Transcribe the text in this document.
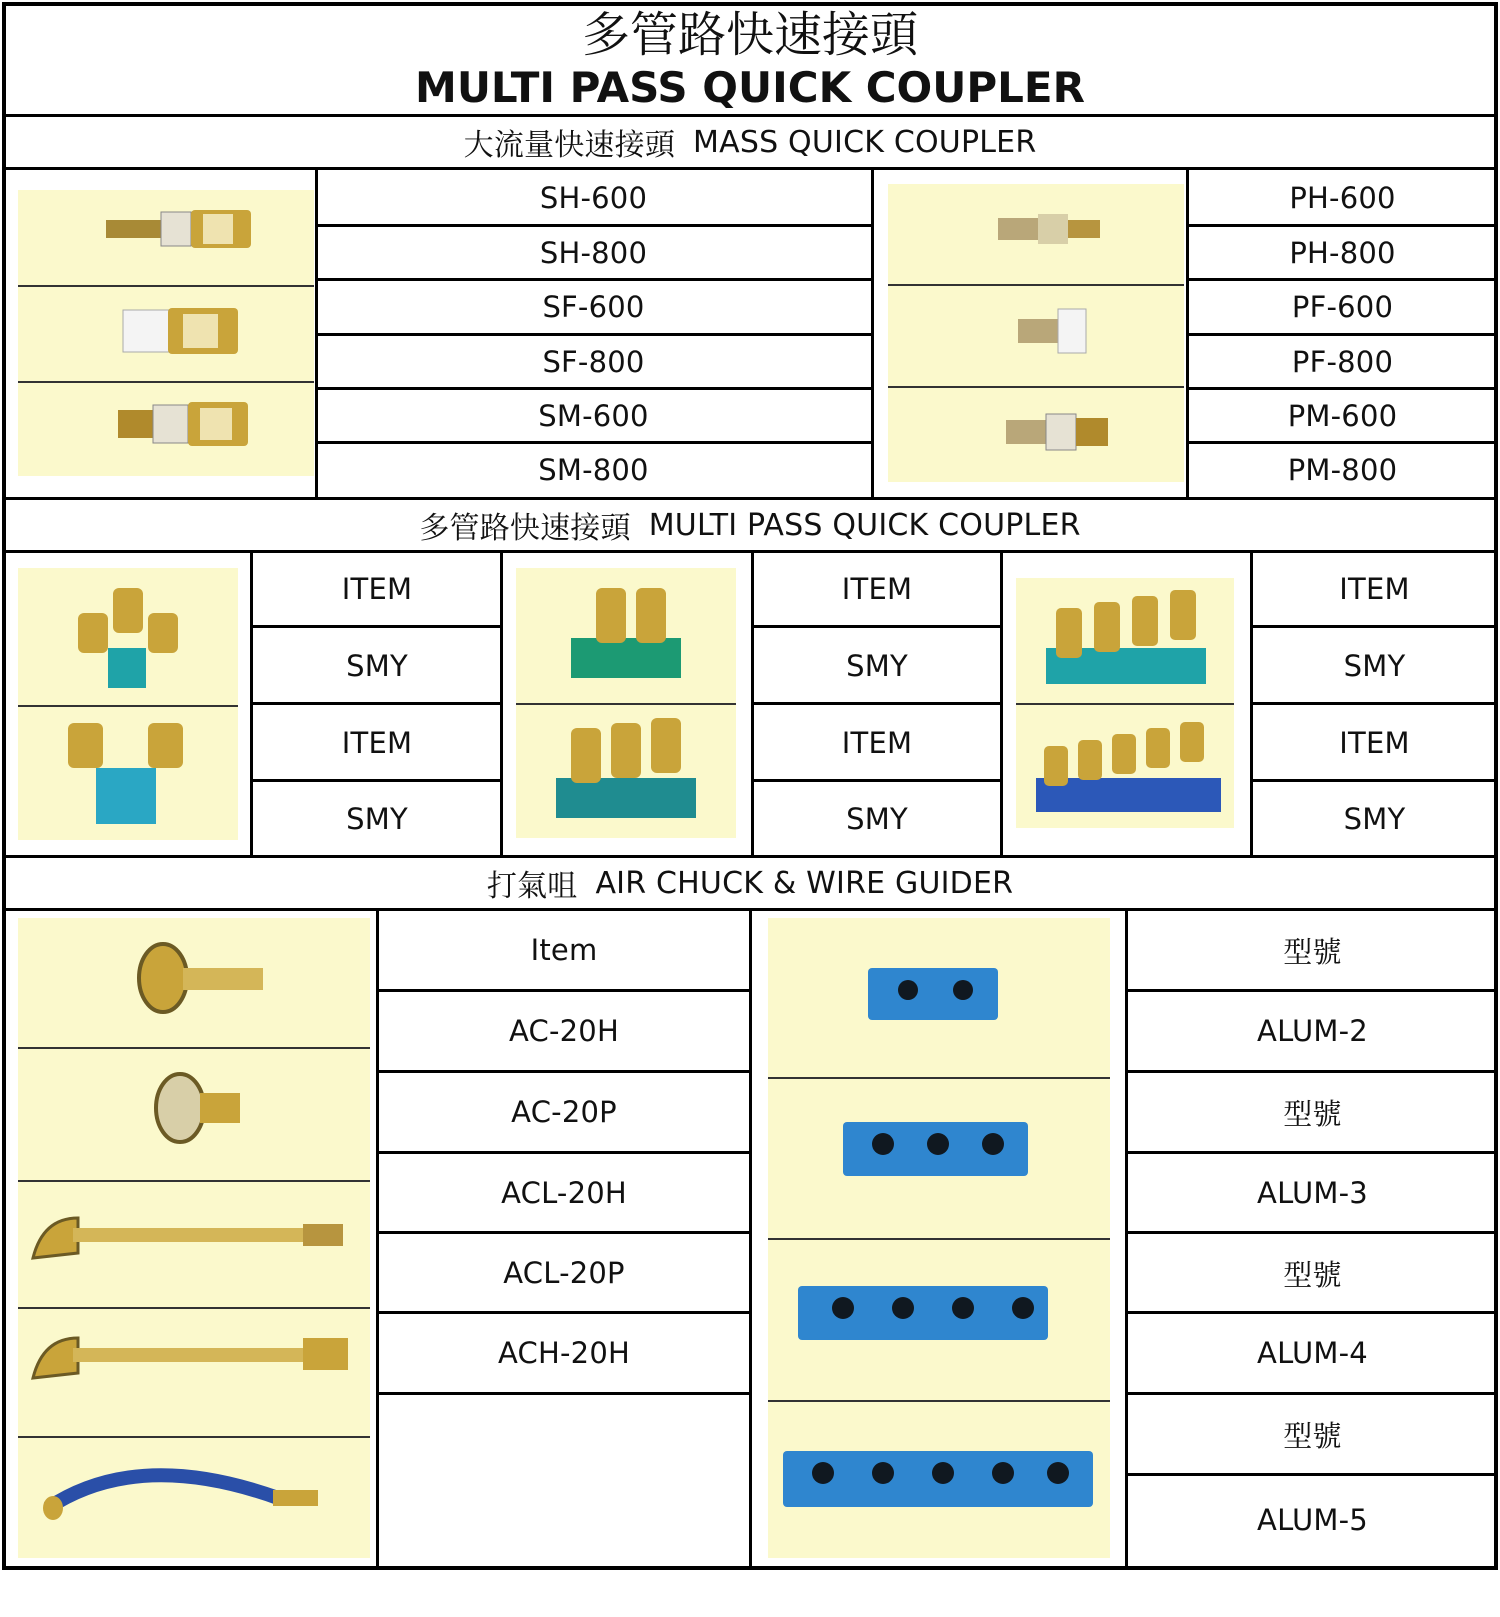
多管路快速接頭
MULTI PASS QUICK COUPLER
大流量快速接頭 MASS QUICK COUPLER
SH-600
SH-800
SF-600
SF-800
SM-600
SM-800
PH-600
PH-800
PF-600
PF-800
PM-600
PM-800
多管路快速接頭 MULTI PASS QUICK COUPLER
ITEM
SMY
ITEM
SMY
ITEM
SMY
ITEM
SMY
ITEM
SMY
ITEM
SMY
打氣咀 AIR CHUCK & WIRE GUIDER
Item
AC-20H
AC-20P
ACL-20H
ACL-20P
ACH-20H
型號
ALUM-2
型號
ALUM-3
型號
ALUM-4
型號
ALUM-5
